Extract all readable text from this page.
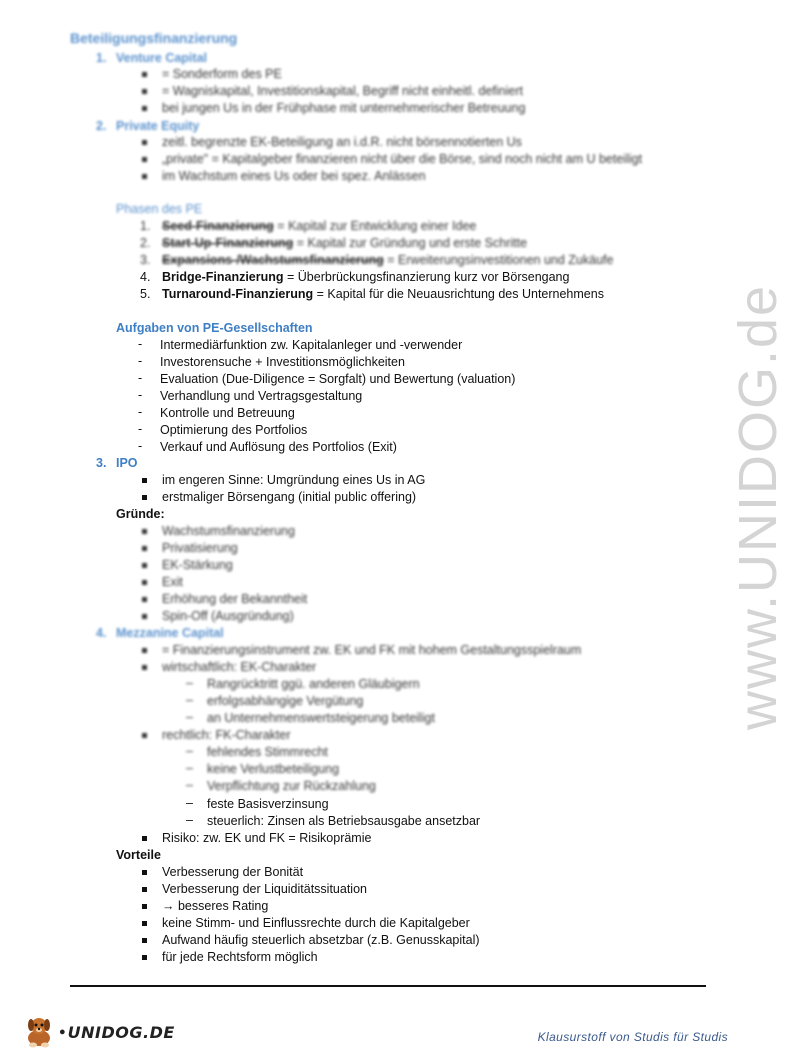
www.UNIDOG.de
Beteiligungsfinanzierung
1. Venture Capital
= Sonderform des PE
= Wagniskapital, Investitionskapital, Begriff nicht einheitl. definiert
bei jungen Us in der Frühphase mit unternehmerischer Betreuung
2. Private Equity
zeitl. begrenzte EK-Beteiligung an i.d.R. nicht börsennotierten Us
„private" = Kapitalgeber finanzieren nicht über die Börse, sind noch nicht am U beteiligt
im Wachstum eines Us oder bei spez. Anlässen
Phasen des PE
1. Seed-Finanzierung = Kapital zur Entwicklung einer Idee
2. Start-Up-Finanzierung = Kapital zur Gründung und erste Schritte
3. Expansions-/Wachstumsfinanzierung = Erweiterungsinvestitionen und Zukäufe
4. Bridge-Finanzierung = Überbrückungsfinanzierung kurz vor Börsengang
5. Turnaround-Finanzierung = Kapital für die Neuausrichtung des Unternehmens
Aufgaben von PE-Gesellschaften
- Intermediärfunktion zw. Kapitalanleger und -verwender
- Investorensuche + Investitionsmöglichkeiten
- Evaluation (Due-Diligence = Sorgfalt) und Bewertung (valuation)
- Verhandlung und Vertragsgestaltung
- Kontrolle und Betreuung
- Optimierung des Portfolios
- Verkauf und Auflösung des Portfolios (Exit)
3. IPO
im engeren Sinne: Umgründung eines Us in AG
erstmaliger Börsengang (initial public offering)
Gründe:
Wachstumsfinanzierung
Privatisierung
EK-Stärkung
Exit
Erhöhung der Bekanntheit
Spin-Off (Ausgründung)
4. Mezzanine Capital
= Finanzierungsinstrument zw. EK und FK mit hohem Gestaltungsspielraum
wirtschaftlich: EK-Charakter
– Rangrücktritt ggü. anderen Gläubigern
– erfolgsabhängige Vergütung
– an Unternehmenswertsteigerung beteiligt
rechtlich: FK-Charakter
– fehlendes Stimmrecht
– keine Verlustbeteiligung
– Verpflichtung zur Rückzahlung
– feste Basisverzinsung
– steuerlich: Zinsen als Betriebsausgabe ansetzbar
Risiko: zw. EK und FK = Risikoprämie
Vorteile
Verbesserung der Bonität
Verbesserung der Liquiditätssituation
→ besseres Rating
keine Stimm- und Einflussrechte durch die Kapitalgeber
Aufwand häufig steuerlich absetzbar (z.B. Genusskapital)
für jede Rechtsform möglich
● UNIDOG.DE	Klausurstoff von Studis für Studis
